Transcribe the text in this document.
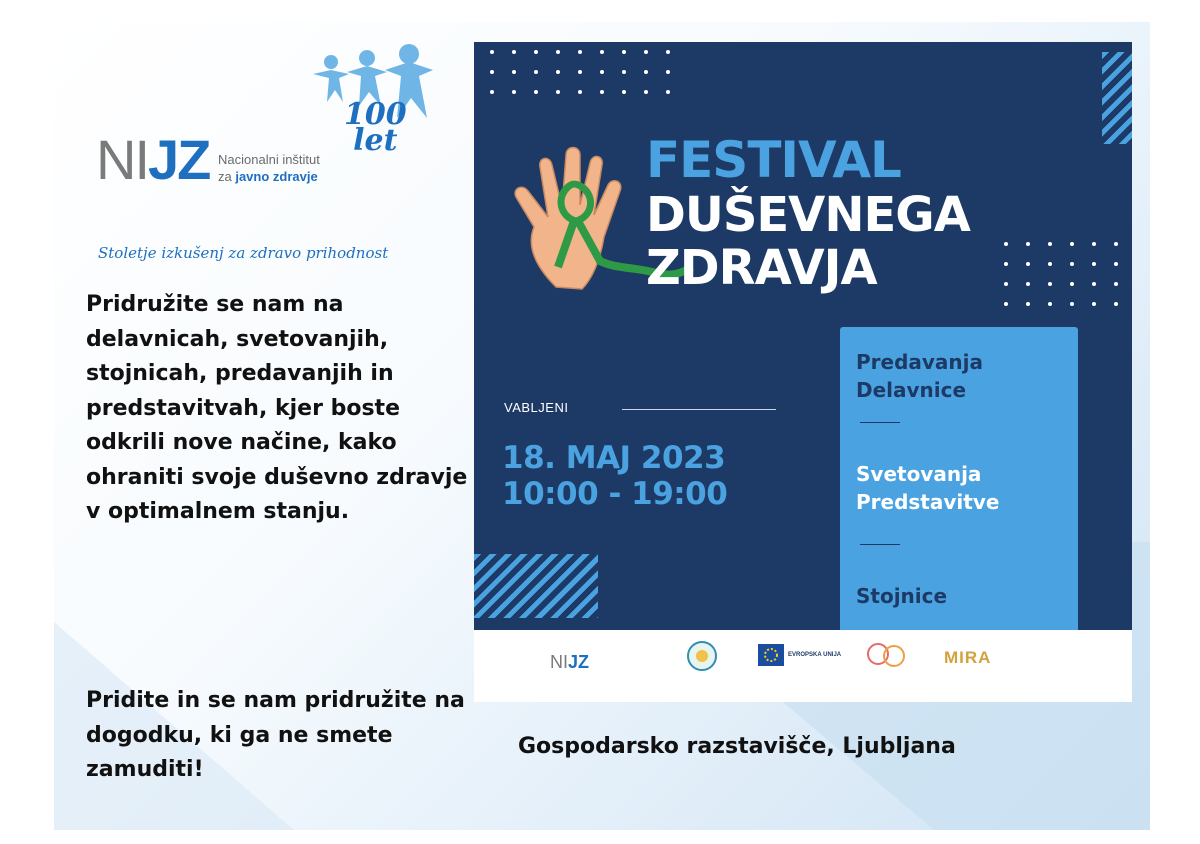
NIJZ Nacionalni inštitut
za javno zdravje
100
let
Stoletje izkušenj za zdravo prihodnost

Pridružite se nam na delavnicah, svetovanjih, stojnicah, predavanjih in predstavitvah, kjer boste odkrili nove načine, kako ohraniti svoje duševno zdravje v optimalnem stanju.

Pridite in se nam pridružite na dogodku, ki ga ne smete zamuditi!

Gospodarsko razstavišče, Ljubljana
FESTIVAL
DUŠEVNEGA
ZDRAVJA
VABLJENI
18. MAJ 2023
10:00 - 19:00
Predavanja
Delavnice
Svetovanja
Predstavitve
Stojnice
NIJZ	EVROPSKA UNIJA	MIRA
